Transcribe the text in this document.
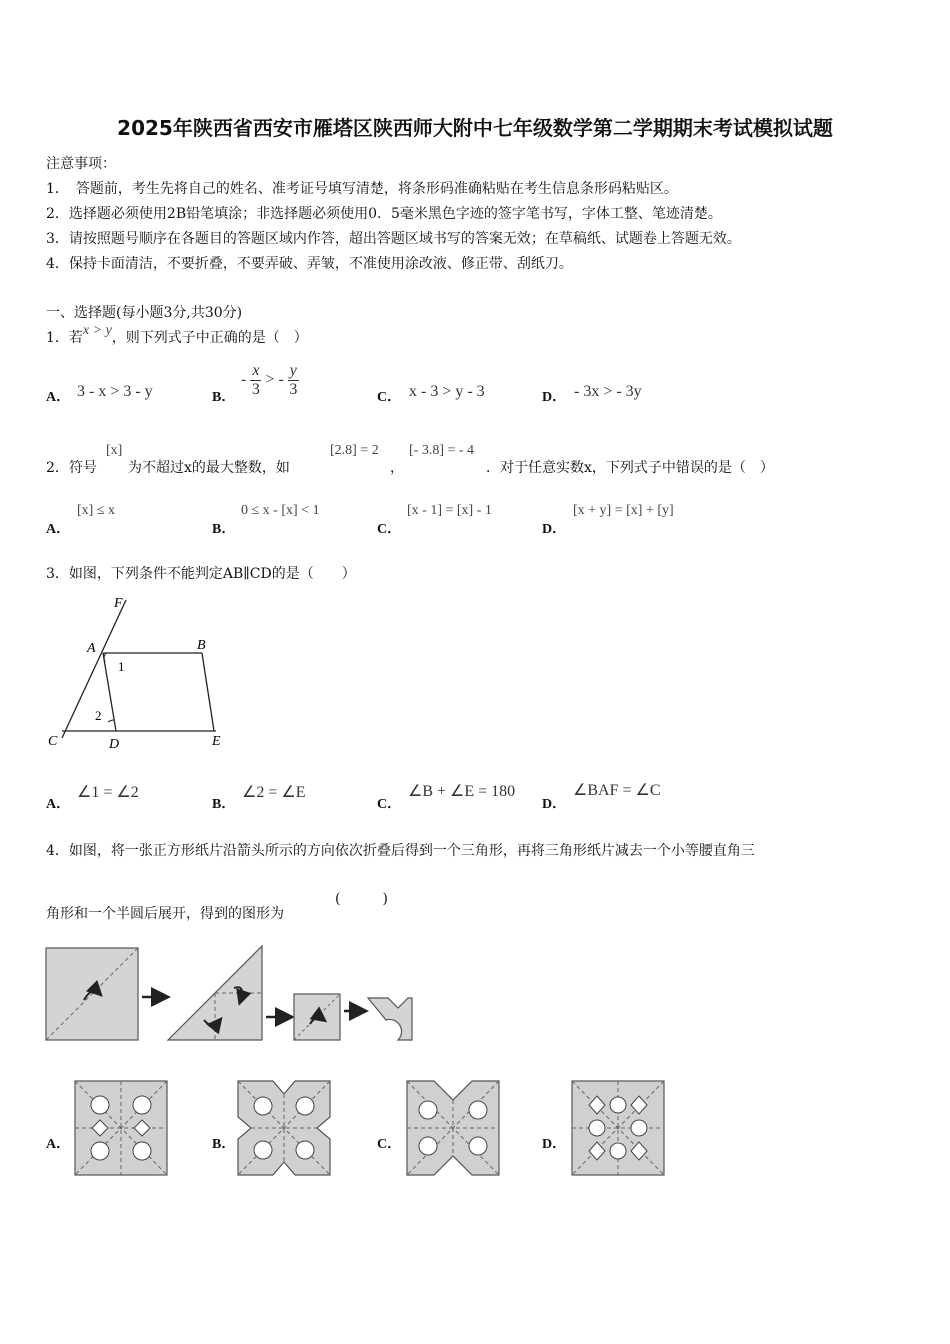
2025年陕西省西安市雁塔区陕西师大附中七年级数学第二学期期末考试模拟试题
注意事项：
1．　答题前，考生先将自己的姓名、准考证号填写清楚，将条形码准确粘贴在考生信息条形码粘贴区。
2．选择题必须使用2B铅笔填涂；非选择题必须使用0．5毫米黑色字迹的签字笔书写，字体工整、笔迹清楚。
3．请按照题号顺序在各题目的答题区域内作答，超出答题区域书写的答案无效；在草稿纸、试题卷上答题无效。
4．保持卡面清洁，不要折叠，不要弄破、弄皱，不准使用涂改液、修正带、刮纸刀。
一、选择题(每小题3分,共30分)
1．若x > y，则下列式子中正确的是（　）
A． 3 - x > 3 - y	B．
- $\frac{x}{3}$ > - $\frac{y}{3}$	C． x - 3 > y - 3	D． - 3x > - 3y
2．符号
[x]
为不超过x的最大整数，如
[2.8] = 2
，
[- 3.8] = - 4
．对于任意实数x，下列式子中错误的是（　）
A．
[x] ≤ x
B．
0 ≤ x - [x] < 1
C．
[x - 1] = [x] - 1
D．
[x + y] = [x] + [y]
3．如图，下列条件不能判定AB∥CD的是（　　）
F
A	B
C	D	E
1
2
A．
∠1 = ∠2
B．
∠2 = ∠E
C．
∠B + ∠E = 180
D．
∠BAF = ∠C
4．如图，将一张正方形纸片沿箭头所示的方向依次折叠后得到一个三角形，再将三角形纸片减去一个小等腰直角三
角形和一个半圆后展开，得到的图形为
(　　　)
A．	B．	C．	D．
